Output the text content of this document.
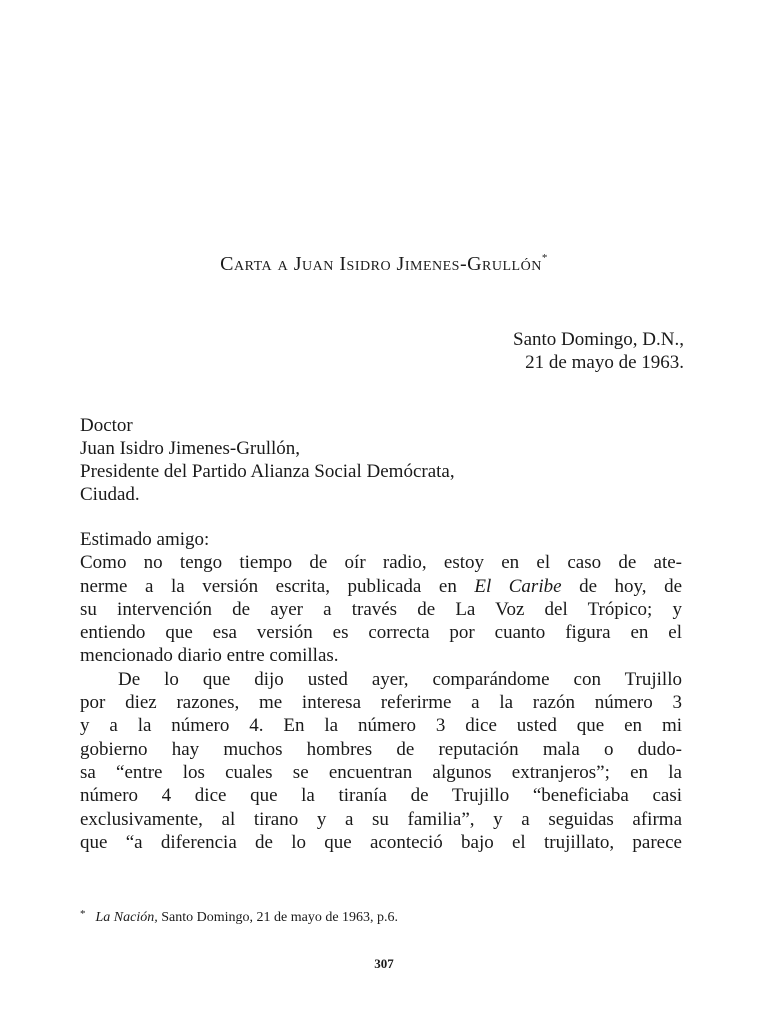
Carta a Juan Isidro Jimenes-Grullón*
Santo Domingo, D.N.,
21 de mayo de 1963.
Doctor
Juan Isidro Jimenes-Grullón,
Presidente del Partido Alianza Social Demócrata,
Ciudad.
Estimado amigo:
Como no tengo tiempo de oír radio, estoy en el caso de ate-
nerme a la versión escrita, publicada en El Caribe de hoy, de
su intervención de ayer a través de La Voz del Trópico; y
entiendo que esa versión es correcta por cuanto figura en el
mencionado diario entre comillas.
De lo que dijo usted ayer, comparándome con Trujillo
por diez razones, me interesa referirme a la razón número 3
y a la número 4. En la número 3 dice usted que en mi
gobierno hay muchos hombres de reputación mala o dudo-
sa “entre los cuales se encuentran algunos extranjeros”; en la
número 4 dice que la tiranía de Trujillo “beneficiaba casi
exclusivamente, al tirano y a su familia”, y a seguidas afirma
que “a diferencia de lo que aconteció bajo el trujillato, parece
* La Nación, Santo Domingo, 21 de mayo de 1963, p.6.
307
